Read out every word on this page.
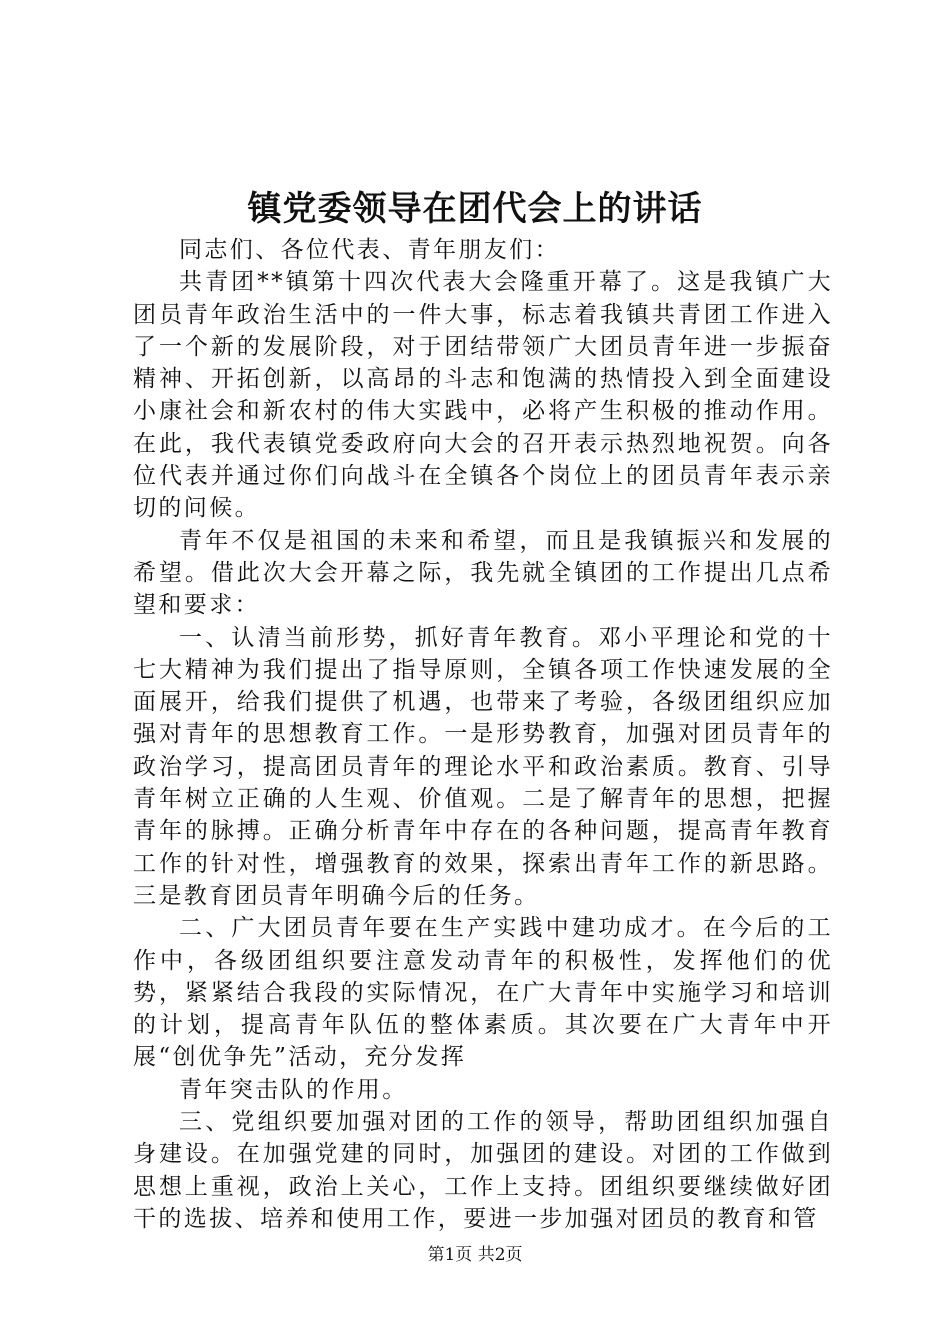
镇党委领导在团代会上的讲话

同志们、各位代表、青年朋友们：

共青团**镇第十四次代表大会隆重开幕了。这是我镇广大团员青年政治生活中的一件大事，标志着我镇共青团工作进入了一个新的发展阶段，对于团结带领广大团员青年进一步振奋精神、开拓创新，以高昂的斗志和饱满的热情投入到全面建设小康社会和新农村的伟大实践中，必将产生积极的推动作用。在此，我代表镇党委政府向大会的召开表示热烈地祝贺。向各位代表并通过你们向战斗在全镇各个岗位上的团员青年表示亲切的问候。

青年不仅是祖国的未来和希望，而且是我镇振兴和发展的希望。借此次大会开幕之际，我先就全镇团的工作提出几点希望和要求：

一、认清当前形势，抓好青年教育。邓小平理论和党的十七大精神为我们提出了指导原则，全镇各项工作快速发展的全面展开，给我们提供了机遇，也带来了考验，各级团组织应加强对青年的思想教育工作。一是形势教育，加强对团员青年的政治学习，提高团员青年的理论水平和政治素质。教育、引导青年树立正确的人生观、价值观。二是了解青年的思想，把握青年的脉搏。正确分析青年中存在的各种问题，提高青年教育工作的针对性，增强教育的效果，探索出青年工作的新思路。三是教育团员青年明确今后的任务。

二、广大团员青年要在生产实践中建功成才。在今后的工作中，各级团组织要注意发动青年的积极性，发挥他们的优势，紧紧结合我段的实际情况，在广大青年中实施学习和培训的计划，提高青年队伍的整体素质。其次要在广大青年中开展“创优争先”活动，充分发挥

青年突击队的作用。

三、党组织要加强对团的工作的领导，帮助团组织加强自身建设。在加强党建的同时，加强团的建设。对团的工作做到思想上重视，政治上关心，工作上支持。团组织要继续做好团干的选拔、培养和使用工作，要进一步加强对团员的教育和管

第1页 共2页
